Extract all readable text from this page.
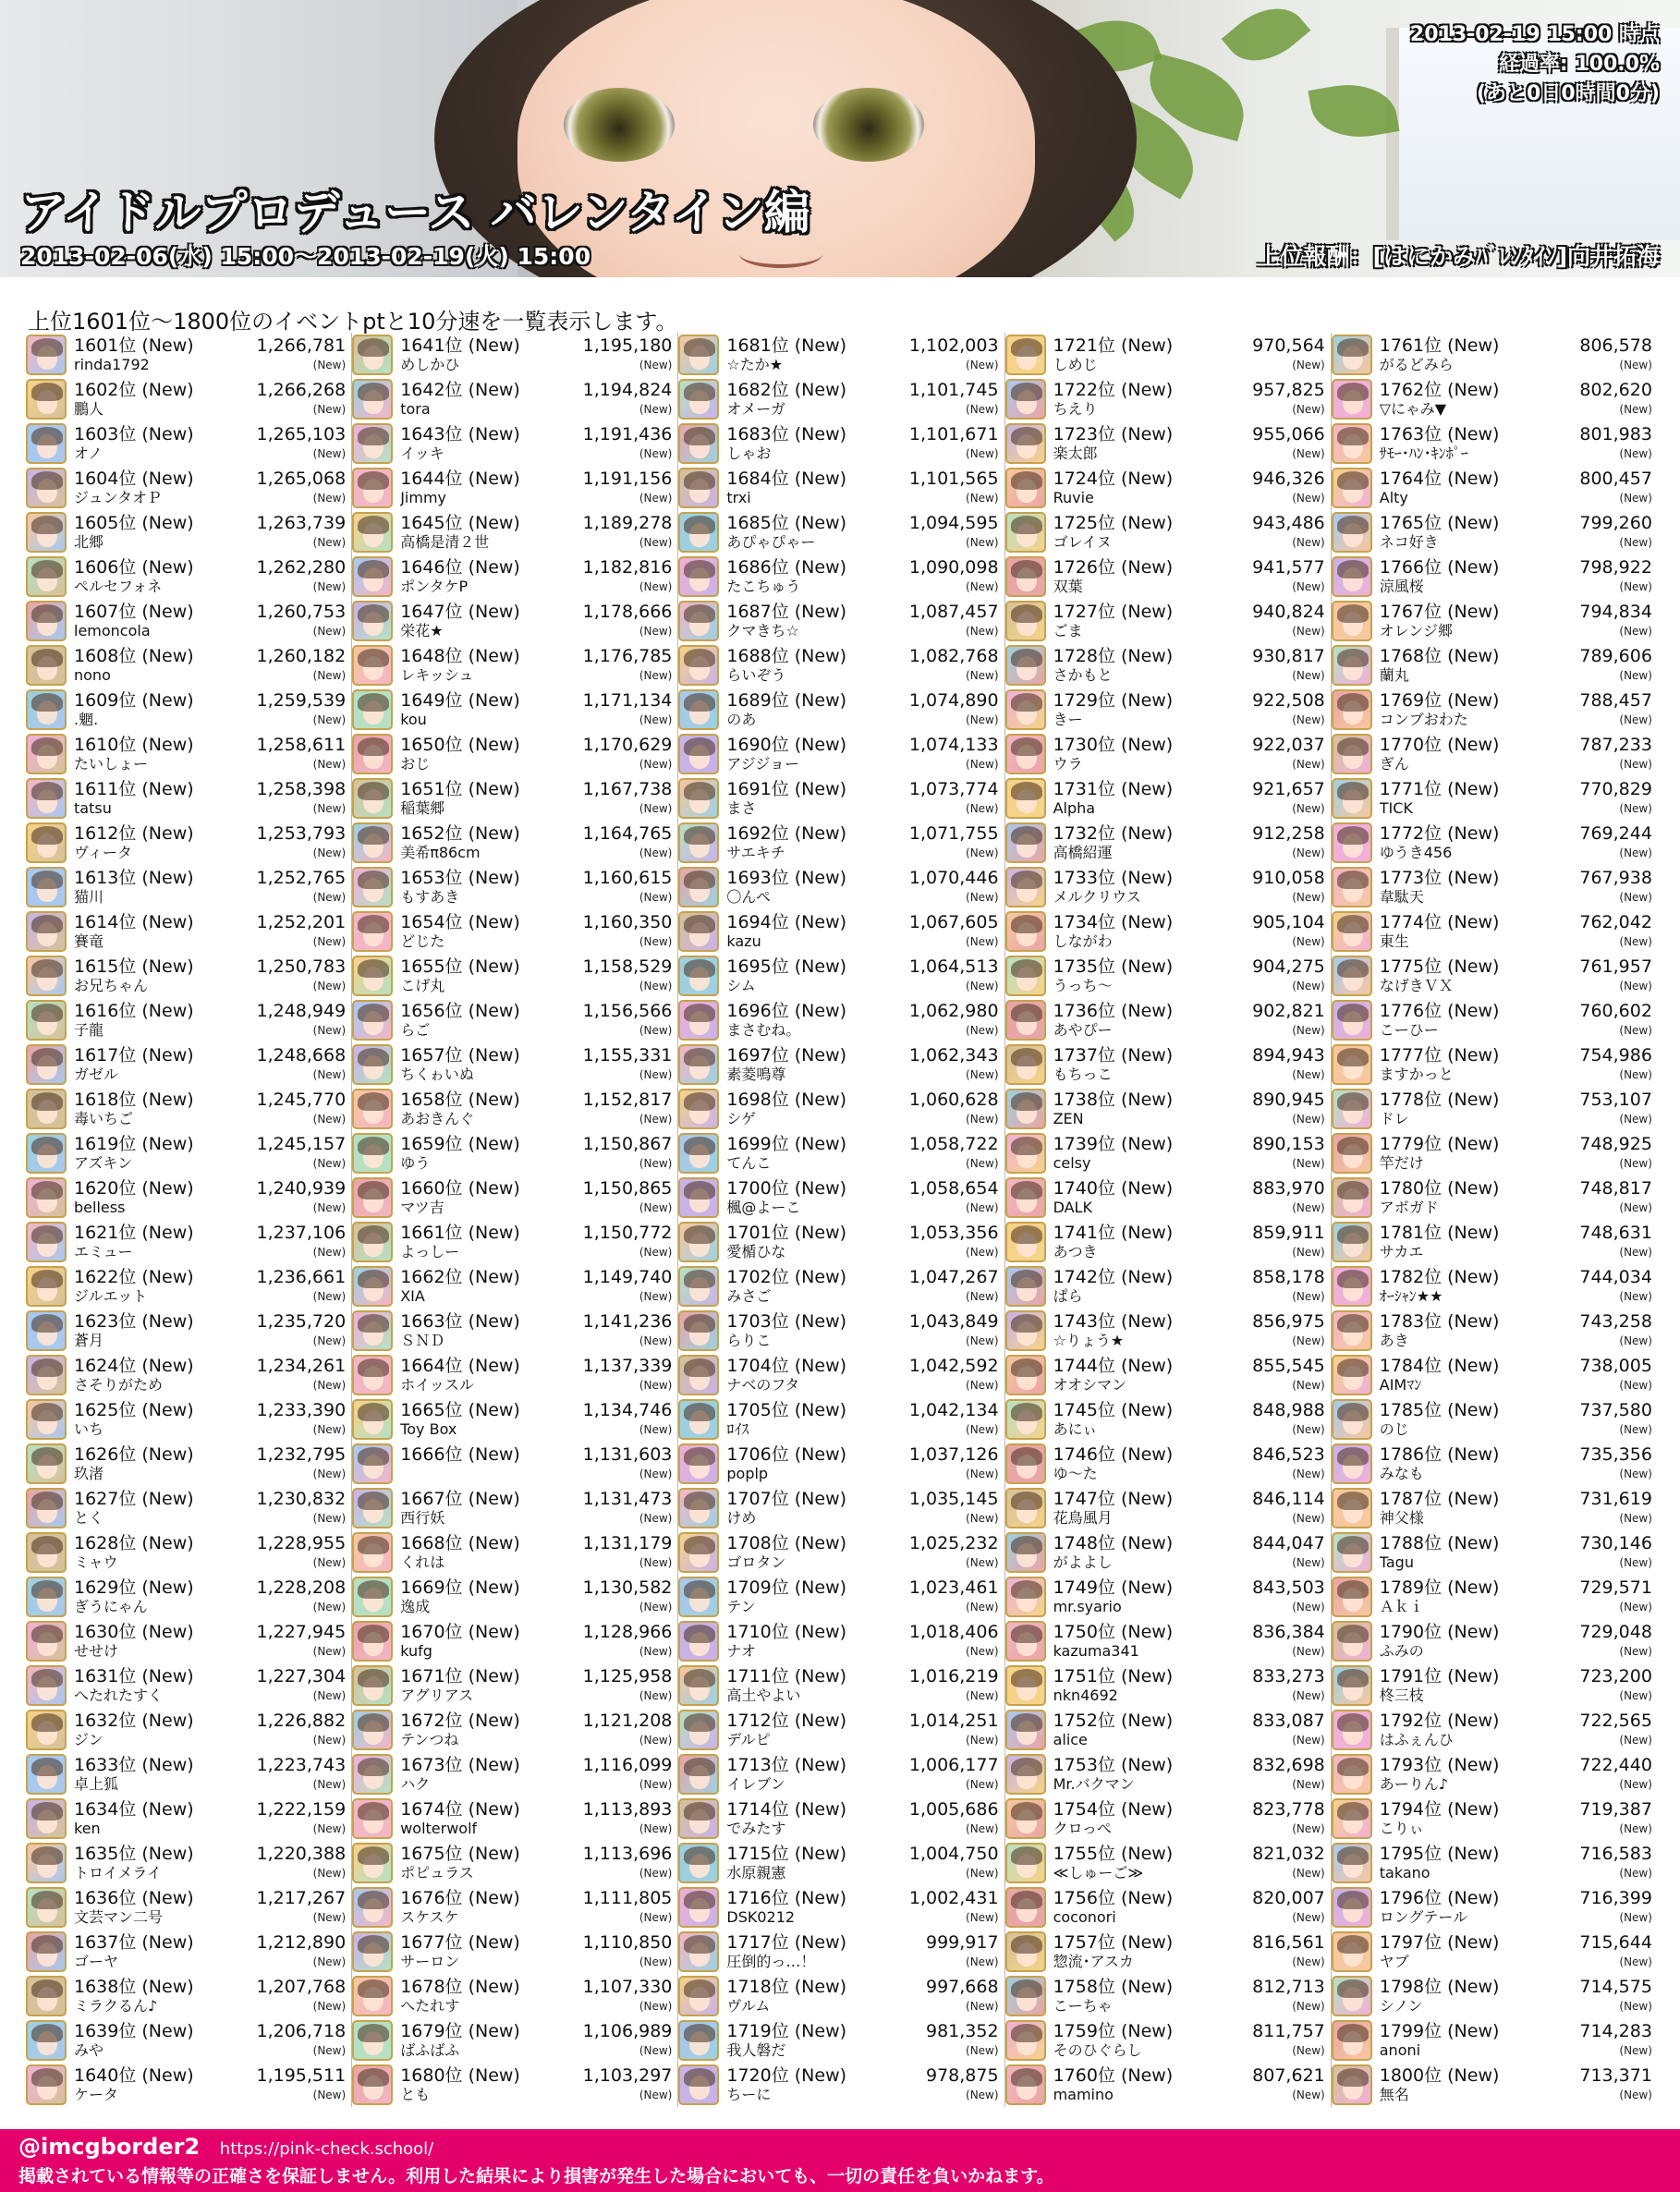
2013-02-19 15:00 時点
経過率: 100.0%
(あと0日0時間0分)
アイドルプロデュース バレンタイン編
2013-02-06(水) 15:00～2013-02-19(火) 15:00	上位報酬：[はにかみﾊﾞﾚﾝﾀｲﾝ]向井拓海
上位1601位～1800位のイベントptと10分速を一覧表示します。
1601位 (New)	1,266,781
rinda1792	(New)
1602位 (New)	1,266,268
鵬人	(New)
1603位 (New)	1,265,103
オノ	(New)
1604位 (New)	1,265,068
ジュンタオＰ	(New)
1605位 (New)	1,263,739
北郷	(New)
1606位 (New)	1,262,280
ペルセフォネ	(New)
1607位 (New)	1,260,753
lemoncola	(New)
1608位 (New)	1,260,182
nono	(New)
1609位 (New)	1,259,539
.魍.	(New)
1610位 (New)	1,258,611
たいしょー	(New)
1611位 (New)	1,258,398
tatsu	(New)
1612位 (New)	1,253,793
ヴィータ	(New)
1613位 (New)	1,252,765
猫川	(New)
1614位 (New)	1,252,201
賽竜	(New)
1615位 (New)	1,250,783
お兄ちゃん	(New)
1616位 (New)	1,248,949
子龍	(New)
1617位 (New)	1,248,668
ガゼル	(New)
1618位 (New)	1,245,770
毒いちご	(New)
1619位 (New)	1,245,157
アズキン	(New)
1620位 (New)	1,240,939
belless	(New)
1621位 (New)	1,237,106
エミュー	(New)
1622位 (New)	1,236,661
ジルエット	(New)
1623位 (New)	1,235,720
蒼月	(New)
1624位 (New)	1,234,261
さそりがため	(New)
1625位 (New)	1,233,390
いち	(New)
1626位 (New)	1,232,795
玖渚	(New)
1627位 (New)	1,230,832
とく	(New)
1628位 (New)	1,228,955
ミャウ	(New)
1629位 (New)	1,228,208
ぎうにゃん	(New)
1630位 (New)	1,227,945
せせけ	(New)
1631位 (New)	1,227,304
へたれたすく	(New)
1632位 (New)	1,226,882
ジン	(New)
1633位 (New)	1,223,743
卓上狐	(New)
1634位 (New)	1,222,159
ken	(New)
1635位 (New)	1,220,388
トロイメライ	(New)
1636位 (New)	1,217,267
文芸マン二号	(New)
1637位 (New)	1,212,890
ゴーヤ	(New)
1638位 (New)	1,207,768
ミラクるん♪	(New)
1639位 (New)	1,206,718
みや	(New)
1640位 (New)	1,195,511
ケータ	(New)
1641位 (New)	1,195,180
めしかひ	(New)
1642位 (New)	1,194,824
tora	(New)
1643位 (New)	1,191,436
イッキ	(New)
1644位 (New)	1,191,156
Jimmy	(New)
1645位 (New)	1,189,278
高橋是清２世	(New)
1646位 (New)	1,182,816
ポンタケP	(New)
1647位 (New)	1,178,666
栄花★	(New)
1648位 (New)	1,176,785
レキッシュ	(New)
1649位 (New)	1,171,134
kou	(New)
1650位 (New)	1,170,629
おじ	(New)
1651位 (New)	1,167,738
稲葉郷	(New)
1652位 (New)	1,164,765
美希π86cm	(New)
1653位 (New)	1,160,615
もすあき	(New)
1654位 (New)	1,160,350
どじた	(New)
1655位 (New)	1,158,529
こげ丸	(New)
1656位 (New)	1,156,566
らご	(New)
1657位 (New)	1,155,331
ちくゎいぬ	(New)
1658位 (New)	1,152,817
あおきんぐ	(New)
1659位 (New)	1,150,867
ゆう	(New)
1660位 (New)	1,150,865
マツ吉	(New)
1661位 (New)	1,150,772
よっしー	(New)
1662位 (New)	1,149,740
XIA	(New)
1663位 (New)	1,141,236
ＳＮＤ	(New)
1664位 (New)	1,137,339
ホイッスル	(New)
1665位 (New)	1,134,746
Toy Box	(New)
1666位 (New)	1,131,603
(New)
1667位 (New)	1,131,473
西行妖	(New)
1668位 (New)	1,131,179
くれは	(New)
1669位 (New)	1,130,582
逸成	(New)
1670位 (New)	1,128,966
kufg	(New)
1671位 (New)	1,125,958
アグリアス	(New)
1672位 (New)	1,121,208
テンつね	(New)
1673位 (New)	1,116,099
ハク	(New)
1674位 (New)	1,113,893
wolterwolf	(New)
1675位 (New)	1,113,696
ポピュラス	(New)
1676位 (New)	1,111,805
スケスケ	(New)
1677位 (New)	1,110,850
サーロン	(New)
1678位 (New)	1,107,330
へたれす	(New)
1679位 (New)	1,106,989
ばふばふ	(New)
1680位 (New)	1,103,297
とも	(New)
1681位 (New)	1,102,003
☆たか★	(New)
1682位 (New)	1,101,745
オメーガ	(New)
1683位 (New)	1,101,671
しゃお	(New)
1684位 (New)	1,101,565
trxi	(New)
1685位 (New)	1,094,595
あぴゃぴゃー	(New)
1686位 (New)	1,090,098
たこちゅう	(New)
1687位 (New)	1,087,457
クマきち☆	(New)
1688位 (New)	1,082,768
らいぞう	(New)
1689位 (New)	1,074,890
のあ	(New)
1690位 (New)	1,074,133
アジジョー	(New)
1691位 (New)	1,073,774
まさ	(New)
1692位 (New)	1,071,755
サエキチ	(New)
1693位 (New)	1,070,446
〇んペ	(New)
1694位 (New)	1,067,605
kazu	(New)
1695位 (New)	1,064,513
シム	(New)
1696位 (New)	1,062,980
まさむね。	(New)
1697位 (New)	1,062,343
素菱鳴尊	(New)
1698位 (New)	1,060,628
シゲ	(New)
1699位 (New)	1,058,722
てんこ	(New)
1700位 (New)	1,058,654
楓@よーこ	(New)
1701位 (New)	1,053,356
愛楯ひな	(New)
1702位 (New)	1,047,267
みさご	(New)
1703位 (New)	1,043,849
らりこ	(New)
1704位 (New)	1,042,592
ナベのフタ	(New)
1705位 (New)	1,042,134
ﾛｲｽ	(New)
1706位 (New)	1,037,126
poplp	(New)
1707位 (New)	1,035,145
けめ	(New)
1708位 (New)	1,025,232
ゴロタン	(New)
1709位 (New)	1,023,461
テン	(New)
1710位 (New)	1,018,406
ナオ	(New)
1711位 (New)	1,016,219
高土やよい	(New)
1712位 (New)	1,014,251
デルピ	(New)
1713位 (New)	1,006,177
イレブン	(New)
1714位 (New)	1,005,686
でみたす	(New)
1715位 (New)	1,004,750
水原親憲	(New)
1716位 (New)	1,002,431
DSK0212	(New)
1717位 (New)	999,917
圧倒的っ…！	(New)
1718位 (New)	997,668
ヴルム	(New)
1719位 (New)	981,352
我人磐だ	(New)
1720位 (New)	978,875
ちーに	(New)
1721位 (New)	970,564
しめじ	(New)
1722位 (New)	957,825
ちえり	(New)
1723位 (New)	955,066
楽太郎	(New)
1724位 (New)	946,326
Ruvie	(New)
1725位 (New)	943,486
ゴレイヌ	(New)
1726位 (New)	941,577
双葉	(New)
1727位 (New)	940,824
ごま	(New)
1728位 (New)	930,817
さかもと	(New)
1729位 (New)	922,508
きー	(New)
1730位 (New)	922,037
ウラ	(New)
1731位 (New)	921,657
Alpha	(New)
1732位 (New)	912,258
高橋紹運	(New)
1733位 (New)	910,058
メルクリウス	(New)
1734位 (New)	905,104
しながわ	(New)
1735位 (New)	904,275
うっち〜	(New)
1736位 (New)	902,821
あやぴー	(New)
1737位 (New)	894,943
もちっこ	(New)
1738位 (New)	890,945
ZEN	(New)
1739位 (New)	890,153
celsy	(New)
1740位 (New)	883,970
DALK	(New)
1741位 (New)	859,911
あつき	(New)
1742位 (New)	858,178
ぱら	(New)
1743位 (New)	856,975
☆りょう★	(New)
1744位 (New)	855,545
オオシマン	(New)
1745位 (New)	848,988
あにぃ	(New)
1746位 (New)	846,523
ゆ〜た	(New)
1747位 (New)	846,114
花鳥風月	(New)
1748位 (New)	844,047
がよよし	(New)
1749位 (New)	843,503
mr.syario	(New)
1750位 (New)	836,384
kazuma341	(New)
1751位 (New)	833,273
nkn4692	(New)
1752位 (New)	833,087
alice	(New)
1753位 (New)	832,698
Mr.バクマン	(New)
1754位 (New)	823,778
クロっぺ	(New)
1755位 (New)	821,032
≪しゅーご≫	(New)
1756位 (New)	820,007
coconori	(New)
1757位 (New)	816,561
惣流･アスカ	(New)
1758位 (New)	812,713
こーちゃ	(New)
1759位 (New)	811,757
そのひぐらし	(New)
1760位 (New)	807,621
mamino	(New)
1761位 (New)	806,578
がるどみら	(New)
1762位 (New)	802,620
▽にゃみ▼	(New)
1763位 (New)	801,983
ｻﾓｰ･ﾊﾝ･ｷﾝﾎﾟｰ	(New)
1764位 (New)	800,457
Alty	(New)
1765位 (New)	799,260
ネコ好き	(New)
1766位 (New)	798,922
涼風桜	(New)
1767位 (New)	794,834
オレンジ郷	(New)
1768位 (New)	789,606
蘭丸	(New)
1769位 (New)	788,457
コンブおわた	(New)
1770位 (New)	787,233
ぎん	(New)
1771位 (New)	770,829
TICK	(New)
1772位 (New)	769,244
ゆうき456	(New)
1773位 (New)	767,938
韋駄天	(New)
1774位 (New)	762,042
東生	(New)
1775位 (New)	761,957
なげきＶＸ	(New)
1776位 (New)	760,602
こーひー	(New)
1777位 (New)	754,986
ますかっと	(New)
1778位 (New)	753,107
ドレ	(New)
1779位 (New)	748,925
竿だけ	(New)
1780位 (New)	748,817
アボガド	(New)
1781位 (New)	748,631
サカエ	(New)
1782位 (New)	744,034
ｵｰｼｬﾝ★★	(New)
1783位 (New)	743,258
あき	(New)
1784位 (New)	738,005
AIMﾏﾝ	(New)
1785位 (New)	737,580
のじ	(New)
1786位 (New)	735,356
みなも	(New)
1787位 (New)	731,619
神父様	(New)
1788位 (New)	730,146
Tagu	(New)
1789位 (New)	729,571
Ａｋｉ	(New)
1790位 (New)	729,048
ふみの	(New)
1791位 (New)	723,200
柊三枝	(New)
1792位 (New)	722,565
はふぇんひ	(New)
1793位 (New)	722,440
あーりん♪	(New)
1794位 (New)	719,387
こりぃ	(New)
1795位 (New)	716,583
takano	(New)
1796位 (New)	716,399
ロングテール	(New)
1797位 (New)	715,644
ヤブ	(New)
1798位 (New)	714,575
シノン	(New)
1799位 (New)	714,283
anoni	(New)
1800位 (New)	713,371
無名	(New)
@imcgborder2 https://pink-check.school/
掲載されている情報等の正確さを保証しません。利用した結果により損害が発生した場合においても、一切の責任を負いかねます。
